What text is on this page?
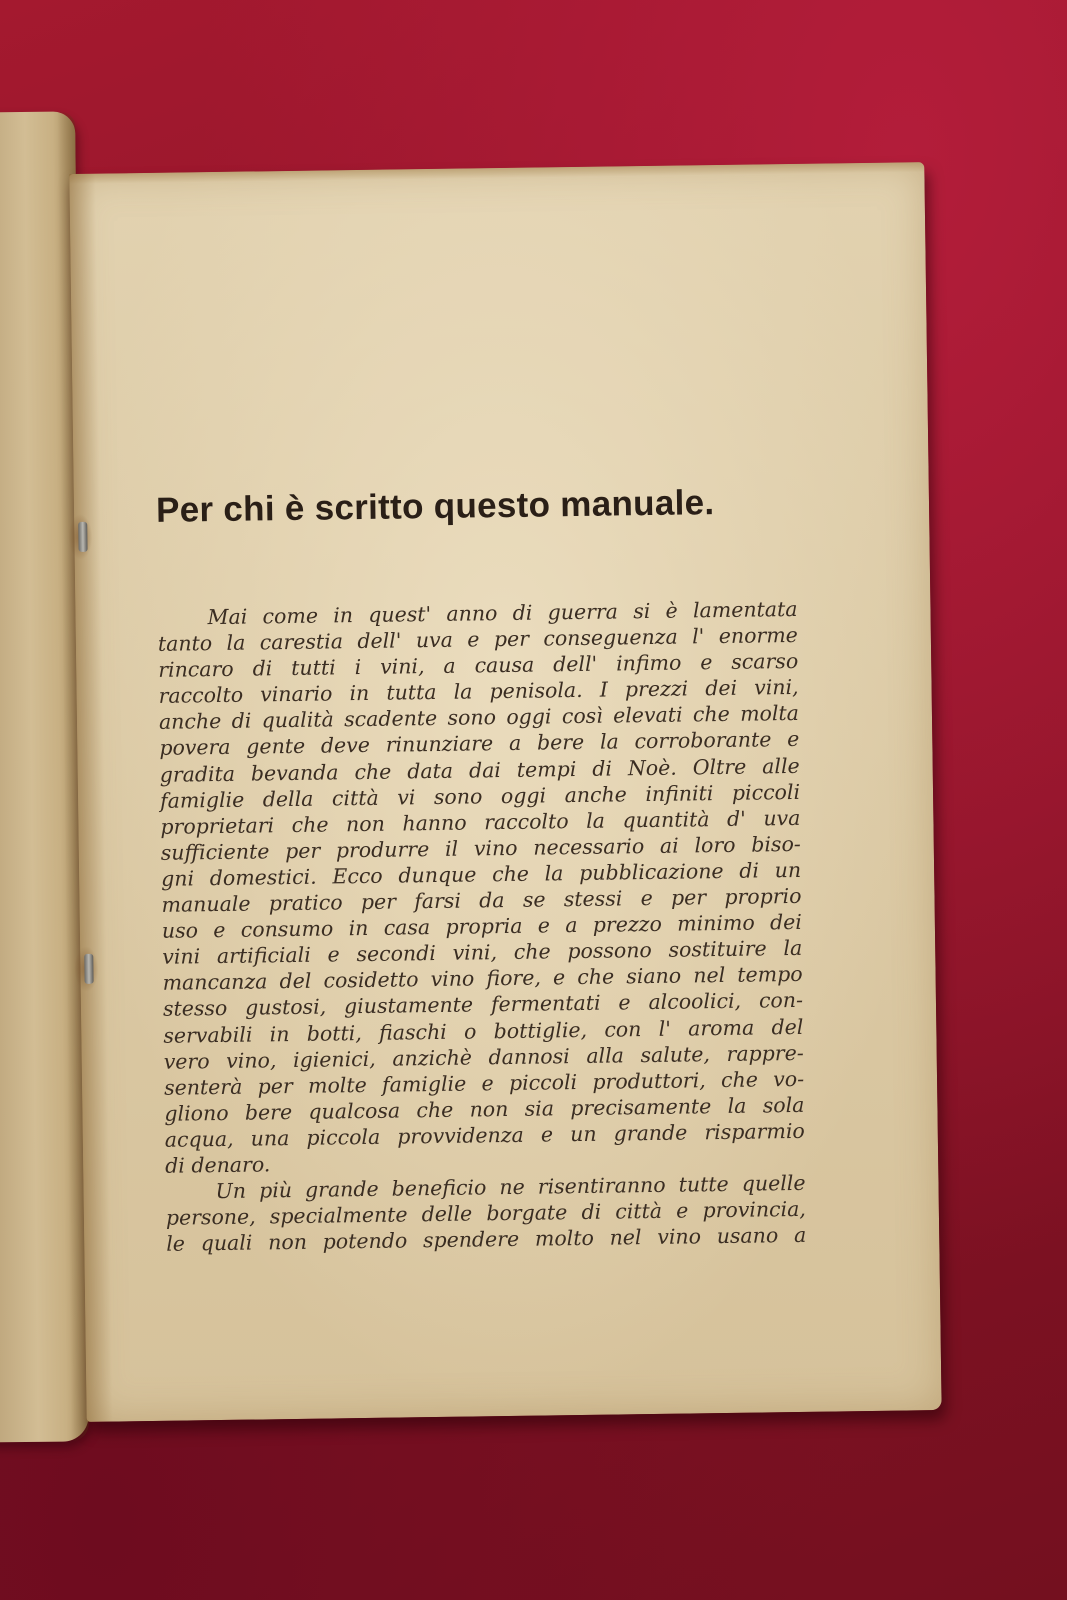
Per chi è scritto questo manuale.
Mai come in quest' anno di guerra si è lamentata
tanto la carestia dell' uva e per conseguenza l' enorme
rincaro di tutti i vini, a causa dell' infimo e scarso
raccolto vinario in tutta la penisola. I prezzi dei vini,
anche di qualità scadente sono oggi così elevati che molta
povera gente deve rinunziare a bere la corroborante e
gradita bevanda che data dai tempi di Noè. Oltre alle
famiglie della città vi sono oggi anche infiniti piccoli
proprietari che non hanno raccolto la quantità d' uva
sufficiente per produrre il vino necessario ai loro biso-
gni domestici. Ecco dunque che la pubblicazione di un
manuale pratico per farsi da se stessi e per proprio
uso e consumo in casa propria e a prezzo minimo dei
vini artificiali e secondi vini, che possono sostituire la
mancanza del cosidetto vino fiore, e che siano nel tempo
stesso gustosi, giustamente fermentati e alcoolici, con-
servabili in botti, fiaschi o bottiglie, con l' aroma del
vero vino, igienici, anzichè dannosi alla salute, rappre-
senterà per molte famiglie e piccoli produttori, che vo-
gliono bere qualcosa che non sia precisamente la sola
acqua, una piccola provvidenza e un grande risparmio
di denaro.
Un più grande beneficio ne risentiranno tutte quelle
persone, specialmente delle borgate di città e provincia,
le quali non potendo spendere molto nel vino usano a
